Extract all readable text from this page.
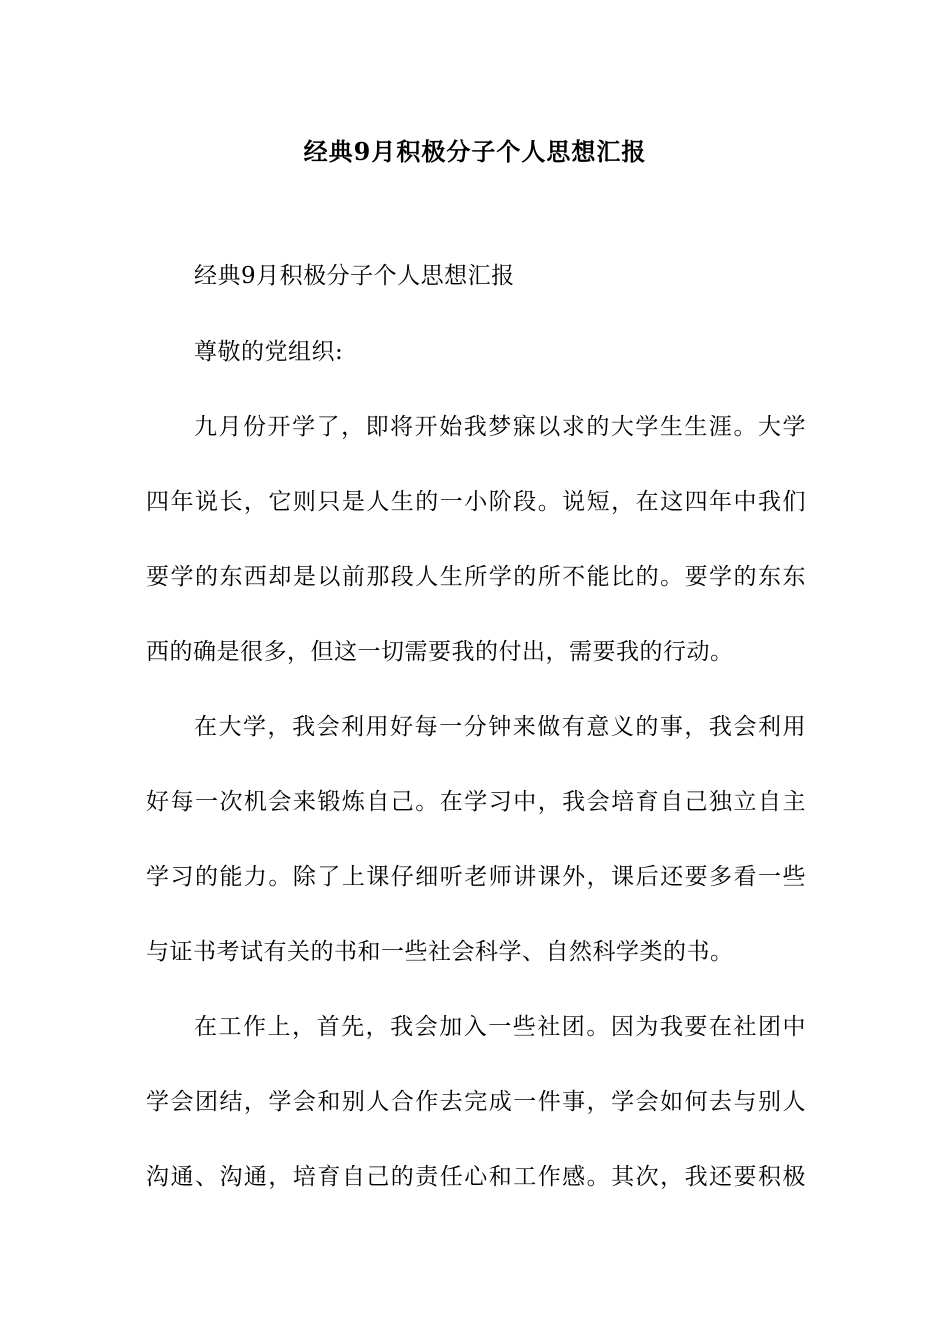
经典9月积极分子个人思想汇报
经典9月积极分子个人思想汇报
尊敬的党组织:
九月份开学了，即将开始我梦寐以求的大学生生涯。大学
四年说长，它则只是人生的一小阶段。说短，在这四年中我们
要学的东西却是以前那段人生所学的所不能比的。要学的东东
西的确是很多，但这一切需要我的付出，需要我的行动。
在大学，我会利用好每一分钟来做有意义的事，我会利用
好每一次机会来锻炼自己。在学习中，我会培育自己独立自主
学习的能力。除了上课仔细听老师讲课外，课后还要多看一些
与证书考试有关的书和一些社会科学、自然科学类的书。
在工作上，首先，我会加入一些社团。因为我要在社团中
学会团结，学会和别人合作去完成一件事，学会如何去与别人
沟通、沟通，培育自己的责任心和工作感。其次，我还要积极
